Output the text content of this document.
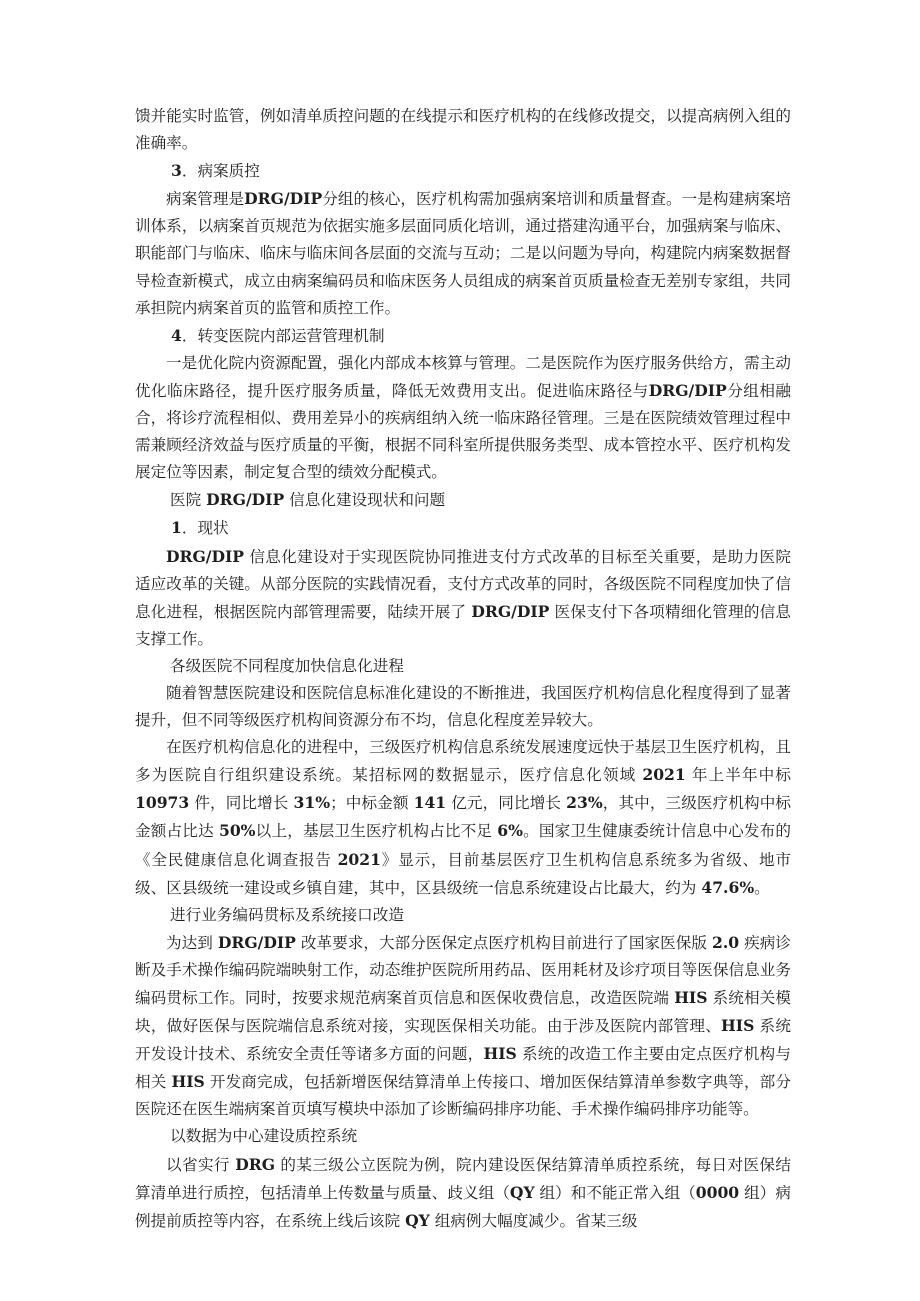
馈并能实时监管，例如清单质控问题的在线提示和医疗机构的在线修改提交，以提高病例入组的准确率。

3．病案质控

病案管理是DRG/DIP分组的核心，医疗机构需加强病案培训和质量督查。一是构建病案培训体系，以病案首页规范为依据实施多层面同质化培训，通过搭建沟通平台，加强病案与临床、职能部门与临床、临床与临床间各层面的交流与互动；二是以问题为导向，构建院内病案数据督导检查新模式，成立由病案编码员和临床医务人员组成的病案首页质量检查无差别专家组，共同承担院内病案首页的监管和质控工作。

4．转变医院内部运营管理机制

一是优化院内资源配置，强化内部成本核算与管理。二是医院作为医疗服务供给方，需主动优化临床路径，提升医疗服务质量，降低无效费用支出。促进临床路径与DRG/DIP分组相融合，将诊疗流程相似、费用差异小的疾病组纳入统一临床路径管理。三是在医院绩效管理过程中需兼顾经济效益与医疗质量的平衡，根据不同科室所提供服务类型、成本管控水平、医疗机构发展定位等因素，制定复合型的绩效分配模式。

医院 DRG/DIP 信息化建设现状和问题

1．现状

DRG/DIP 信息化建设对于实现医院协同推进支付方式改革的目标至关重要，是助力医院适应改革的关键。从部分医院的实践情况看，支付方式改革的同时，各级医院不同程度加快了信息化进程，根据医院内部管理需要，陆续开展了 DRG/DIP 医保支付下各项精细化管理的信息支撑工作。

各级医院不同程度加快信息化进程

随着智慧医院建设和医院信息标准化建设的不断推进，我国医疗机构信息化程度得到了显著提升，但不同等级医疗机构间资源分布不均，信息化程度差异较大。

在医疗机构信息化的进程中，三级医疗机构信息系统发展速度远快于基层卫生医疗机构，且多为医院自行组织建设系统。某招标网的数据显示，医疗信息化领域 2021 年上半年中标 10973 件，同比增长 31%；中标金额 141 亿元，同比增长 23%，其中，三级医疗机构中标金额占比达 50%以上，基层卫生医疗机构占比不足 6%。国家卫生健康委统计信息中心发布的《全民健康信息化调查报告 2021》显示，目前基层医疗卫生机构信息系统多为省级、地市级、区县级统一建设或乡镇自建，其中，区县级统一信息系统建设占比最大，约为 47.6%。

进行业务编码贯标及系统接口改造

为达到 DRG/DIP 改革要求，大部分医保定点医疗机构目前进行了国家医保版 2.0 疾病诊断及手术操作编码院端映射工作，动态维护医院所用药品、医用耗材及诊疗项目等医保信息业务编码贯标工作。同时，按要求规范病案首页信息和医保收费信息，改造医院端 HIS 系统相关模块，做好医保与医院端信息系统对接，实现医保相关功能。由于涉及医院内部管理、HIS 系统开发设计技术、系统安全责任等诸多方面的问题，HIS 系统的改造工作主要由定点医疗机构与相关 HIS 开发商完成，包括新增医保结算清单上传接口、增加医保结算清单参数字典等，部分医院还在医生端病案首页填写模块中添加了诊断编码排序功能、手术操作编码排序功能等。

以数据为中心建设质控系统

以省实行 DRG 的某三级公立医院为例，院内建设医保结算清单质控系统，每日对医保结算清单进行质控，包括清单上传数量与质量、歧义组（QY 组）和不能正常入组（0000 组）病例提前质控等内容，在系统上线后该院 QY 组病例大幅度减少。省某三级
